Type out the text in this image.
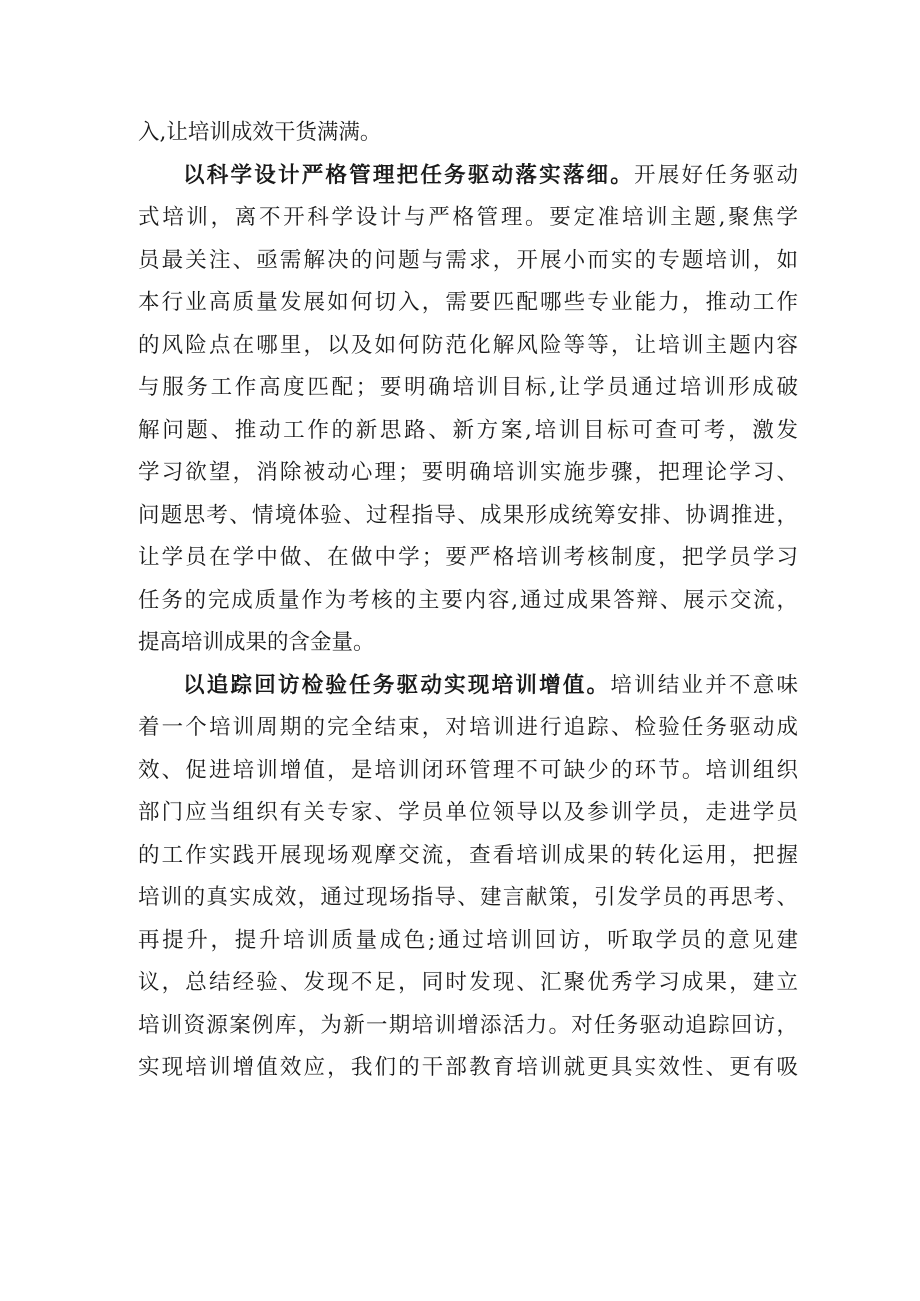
入,让培训成效干货满满。
以科学设计严格管理把任务驱动落实落细。开展好任务驱动
式培训，离不开科学设计与严格管理。要定准培训主题,聚焦学
员最关注、亟需解决的问题与需求，开展小而实的专题培训，如
本行业高质量发展如何切入，需要匹配哪些专业能力，推动工作
的风险点在哪里，以及如何防范化解风险等等，让培训主题内容
与服务工作高度匹配；要明确培训目标,让学员通过培训形成破
解问题、推动工作的新思路、新方案,培训目标可查可考，激发
学习欲望，消除被动心理；要明确培训实施步骤，把理论学习、
问题思考、情境体验、过程指导、成果形成统筹安排、协调推进，
让学员在学中做、在做中学；要严格培训考核制度，把学员学习
任务的完成质量作为考核的主要内容,通过成果答辩、展示交流，
提高培训成果的含金量。
以追踪回访检验任务驱动实现培训增值。培训结业并不意味
着一个培训周期的完全结束，对培训进行追踪、检验任务驱动成
效、促进培训增值，是培训闭环管理不可缺少的环节。培训组织
部门应当组织有关专家、学员单位领导以及参训学员，走进学员
的工作实践开展现场观摩交流，查看培训成果的转化运用，把握
培训的真实成效，通过现场指导、建言献策，引发学员的再思考、
再提升，提升培训质量成色;通过培训回访，听取学员的意见建
议，总结经验、发现不足，同时发现、汇聚优秀学习成果，建立
培训资源案例库，为新一期培训增添活力。对任务驱动追踪回访，
实现培训增值效应，我们的干部教育培训就更具实效性、更有吸
